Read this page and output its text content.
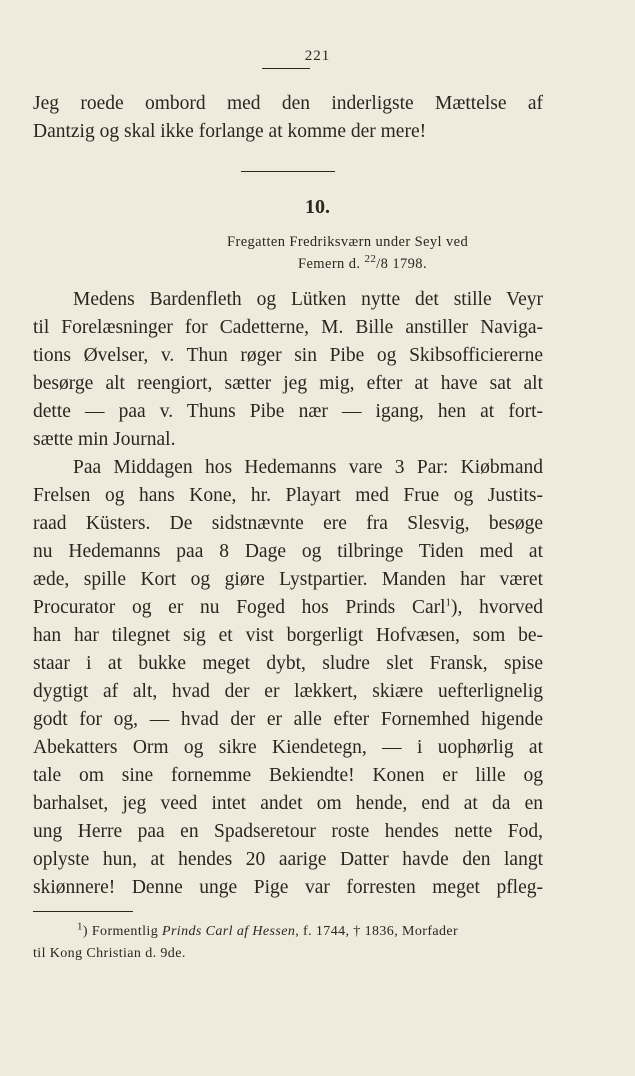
221
Jeg roede ombord med den inderligste Mættelse af
Dantzig og skal ikke forlange at komme der mere!
10.
Fregatten Fredriksværn under Seyl ved
Femern d. $^{22}$/8 1798.
Medens Bardenfleth og Lütken nytte det stille Veyr
til Forelæsninger for Cadetterne, M. Bille anstiller Naviga-
tions Øvelser, v. Thun røger sin Pibe og Skibsofficiererne
besørge alt reengiort, sætter jeg mig, efter at have sat alt
dette — paa v. Thuns Pibe nær — igang, hen at fort-
sætte min Journal.
Paa Middagen hos Hedemanns vare 3 Par: Kiøbmand
Frelsen og hans Kone, hr. Playart med Frue og Justits-
raad Küsters. De sidstnævnte ere fra Slesvig, besøge
nu Hedemanns paa 8 Dage og tilbringe Tiden med at
æde, spille Kort og giøre Lystpartier. Manden har været
Procurator og er nu Foged hos Prinds Carl$^1$), hvorved
han har tilegnet sig et vist borgerligt Hofvæsen, som be-
staar i at bukke meget dybt, sludre slet Fransk, spise
dygtigt af alt, hvad der er lækkert, skiære uefterlignelig
godt for og, — hvad der er alle efter Fornemhed higende
Abekatters Orm og sikre Kiendetegn, — i uophørlig at
tale om sine fornemme Bekiendte! Konen er lille og
barhalset, jeg veed intet andet om hende, end at da en
ung Herre paa en Spadseretour roste hendes nette Fod,
oplyste hun, at hendes 20 aarige Datter havde den langt
skiønnere! Denne unge Pige var forresten meget pfleg-
$^1$) Formentlig Prinds Carl af Hessen, f. 1744, † 1836, Morfader
til Kong Christian d. 9de.
